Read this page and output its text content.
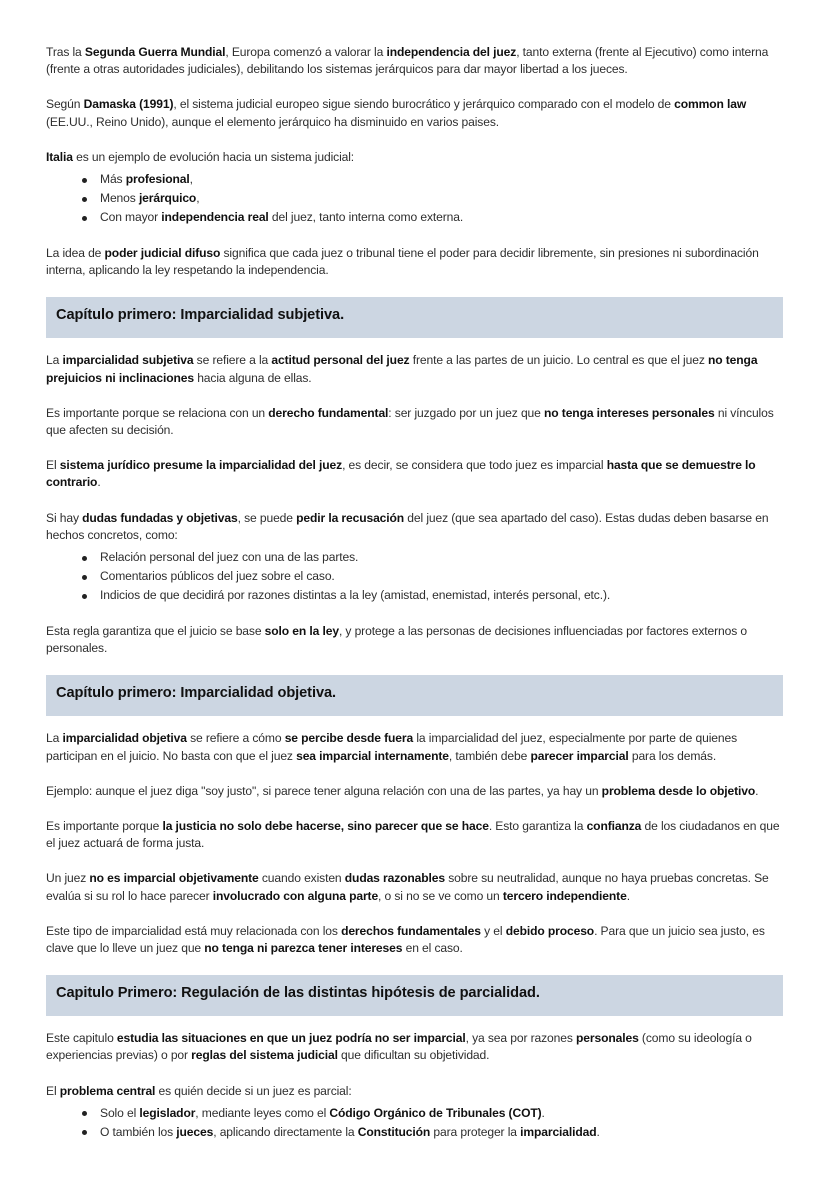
Tras la Segunda Guerra Mundial, Europa comenzó a valorar la independencia del juez, tanto externa (frente al Ejecutivo) como interna (frente a otras autoridades judiciales), debilitando los sistemas jerárquicos para dar mayor libertad a los jueces.

Según Damaska (1991), el sistema judicial europeo sigue siendo burocrático y jerárquico comparado con el modelo de common law (EE.UU., Reino Unido), aunque el elemento jerárquico ha disminuido en varios paises.

Italia es un ejemplo de evolución hacia un sistema judicial:

Más profesional,
Menos jerárquico,
Con mayor independencia real del juez, tanto interna como externa.

La idea de poder judicial difuso significa que cada juez o tribunal tiene el poder para decidir libremente, sin presiones ni subordinación interna, aplicando la ley respetando la independencia.

Capítulo primero: Imparcialidad subjetiva.

La imparcialidad subjetiva se refiere a la actitud personal del juez frente a las partes de un juicio. Lo central es que el juez no tenga prejuicios ni inclinaciones hacia alguna de ellas.

Es importante porque se relaciona con un derecho fundamental: ser juzgado por un juez que no tenga intereses personales ni vínculos que afecten su decisión.

El sistema jurídico presume la imparcialidad del juez, es decir, se considera que todo juez es imparcial hasta que se demuestre lo contrario.

Si hay dudas fundadas y objetivas, se puede pedir la recusación del juez (que sea apartado del caso). Estas dudas deben basarse en hechos concretos, como:

Relación personal del juez con una de las partes.
Comentarios públicos del juez sobre el caso.
Indicios de que decidirá por razones distintas a la ley (amistad, enemistad, interés personal, etc.).

Esta regla garantiza que el juicio se base solo en la ley, y protege a las personas de decisiones influenciadas por factores externos o personales.

Capítulo primero: Imparcialidad objetiva.

La imparcialidad objetiva se refiere a cómo se percibe desde fuera la imparcialidad del juez, especialmente por parte de quienes participan en el juicio. No basta con que el juez sea imparcial internamente, también debe parecer imparcial para los demás.

Ejemplo: aunque el juez diga "soy justo", si parece tener alguna relación con una de las partes, ya hay un problema desde lo objetivo.

Es importante porque la justicia no solo debe hacerse, sino parecer que se hace. Esto garantiza la confianza de los ciudadanos en que el juez actuará de forma justa.

Un juez no es imparcial objetivamente cuando existen dudas razonables sobre su neutralidad, aunque no haya pruebas concretas. Se evalúa si su rol lo hace parecer involucrado con alguna parte, o si no se ve como un tercero independiente.

Este tipo de imparcialidad está muy relacionada con los derechos fundamentales y el debido proceso. Para que un juicio sea justo, es clave que lo lleve un juez que no tenga ni parezca tener intereses en el caso.

Capitulo Primero: Regulación de las distintas hipótesis de parcialidad.

Este capitulo estudia las situaciones en que un juez podría no ser imparcial, ya sea por razones personales (como su ideología o experiencias previas) o por reglas del sistema judicial que dificultan su objetividad.

El problema central es quién decide si un juez es parcial:

Solo el legislador, mediante leyes como el Código Orgánico de Tribunales (COT).
O también los jueces, aplicando directamente la Constitución para proteger la imparcialidad.
